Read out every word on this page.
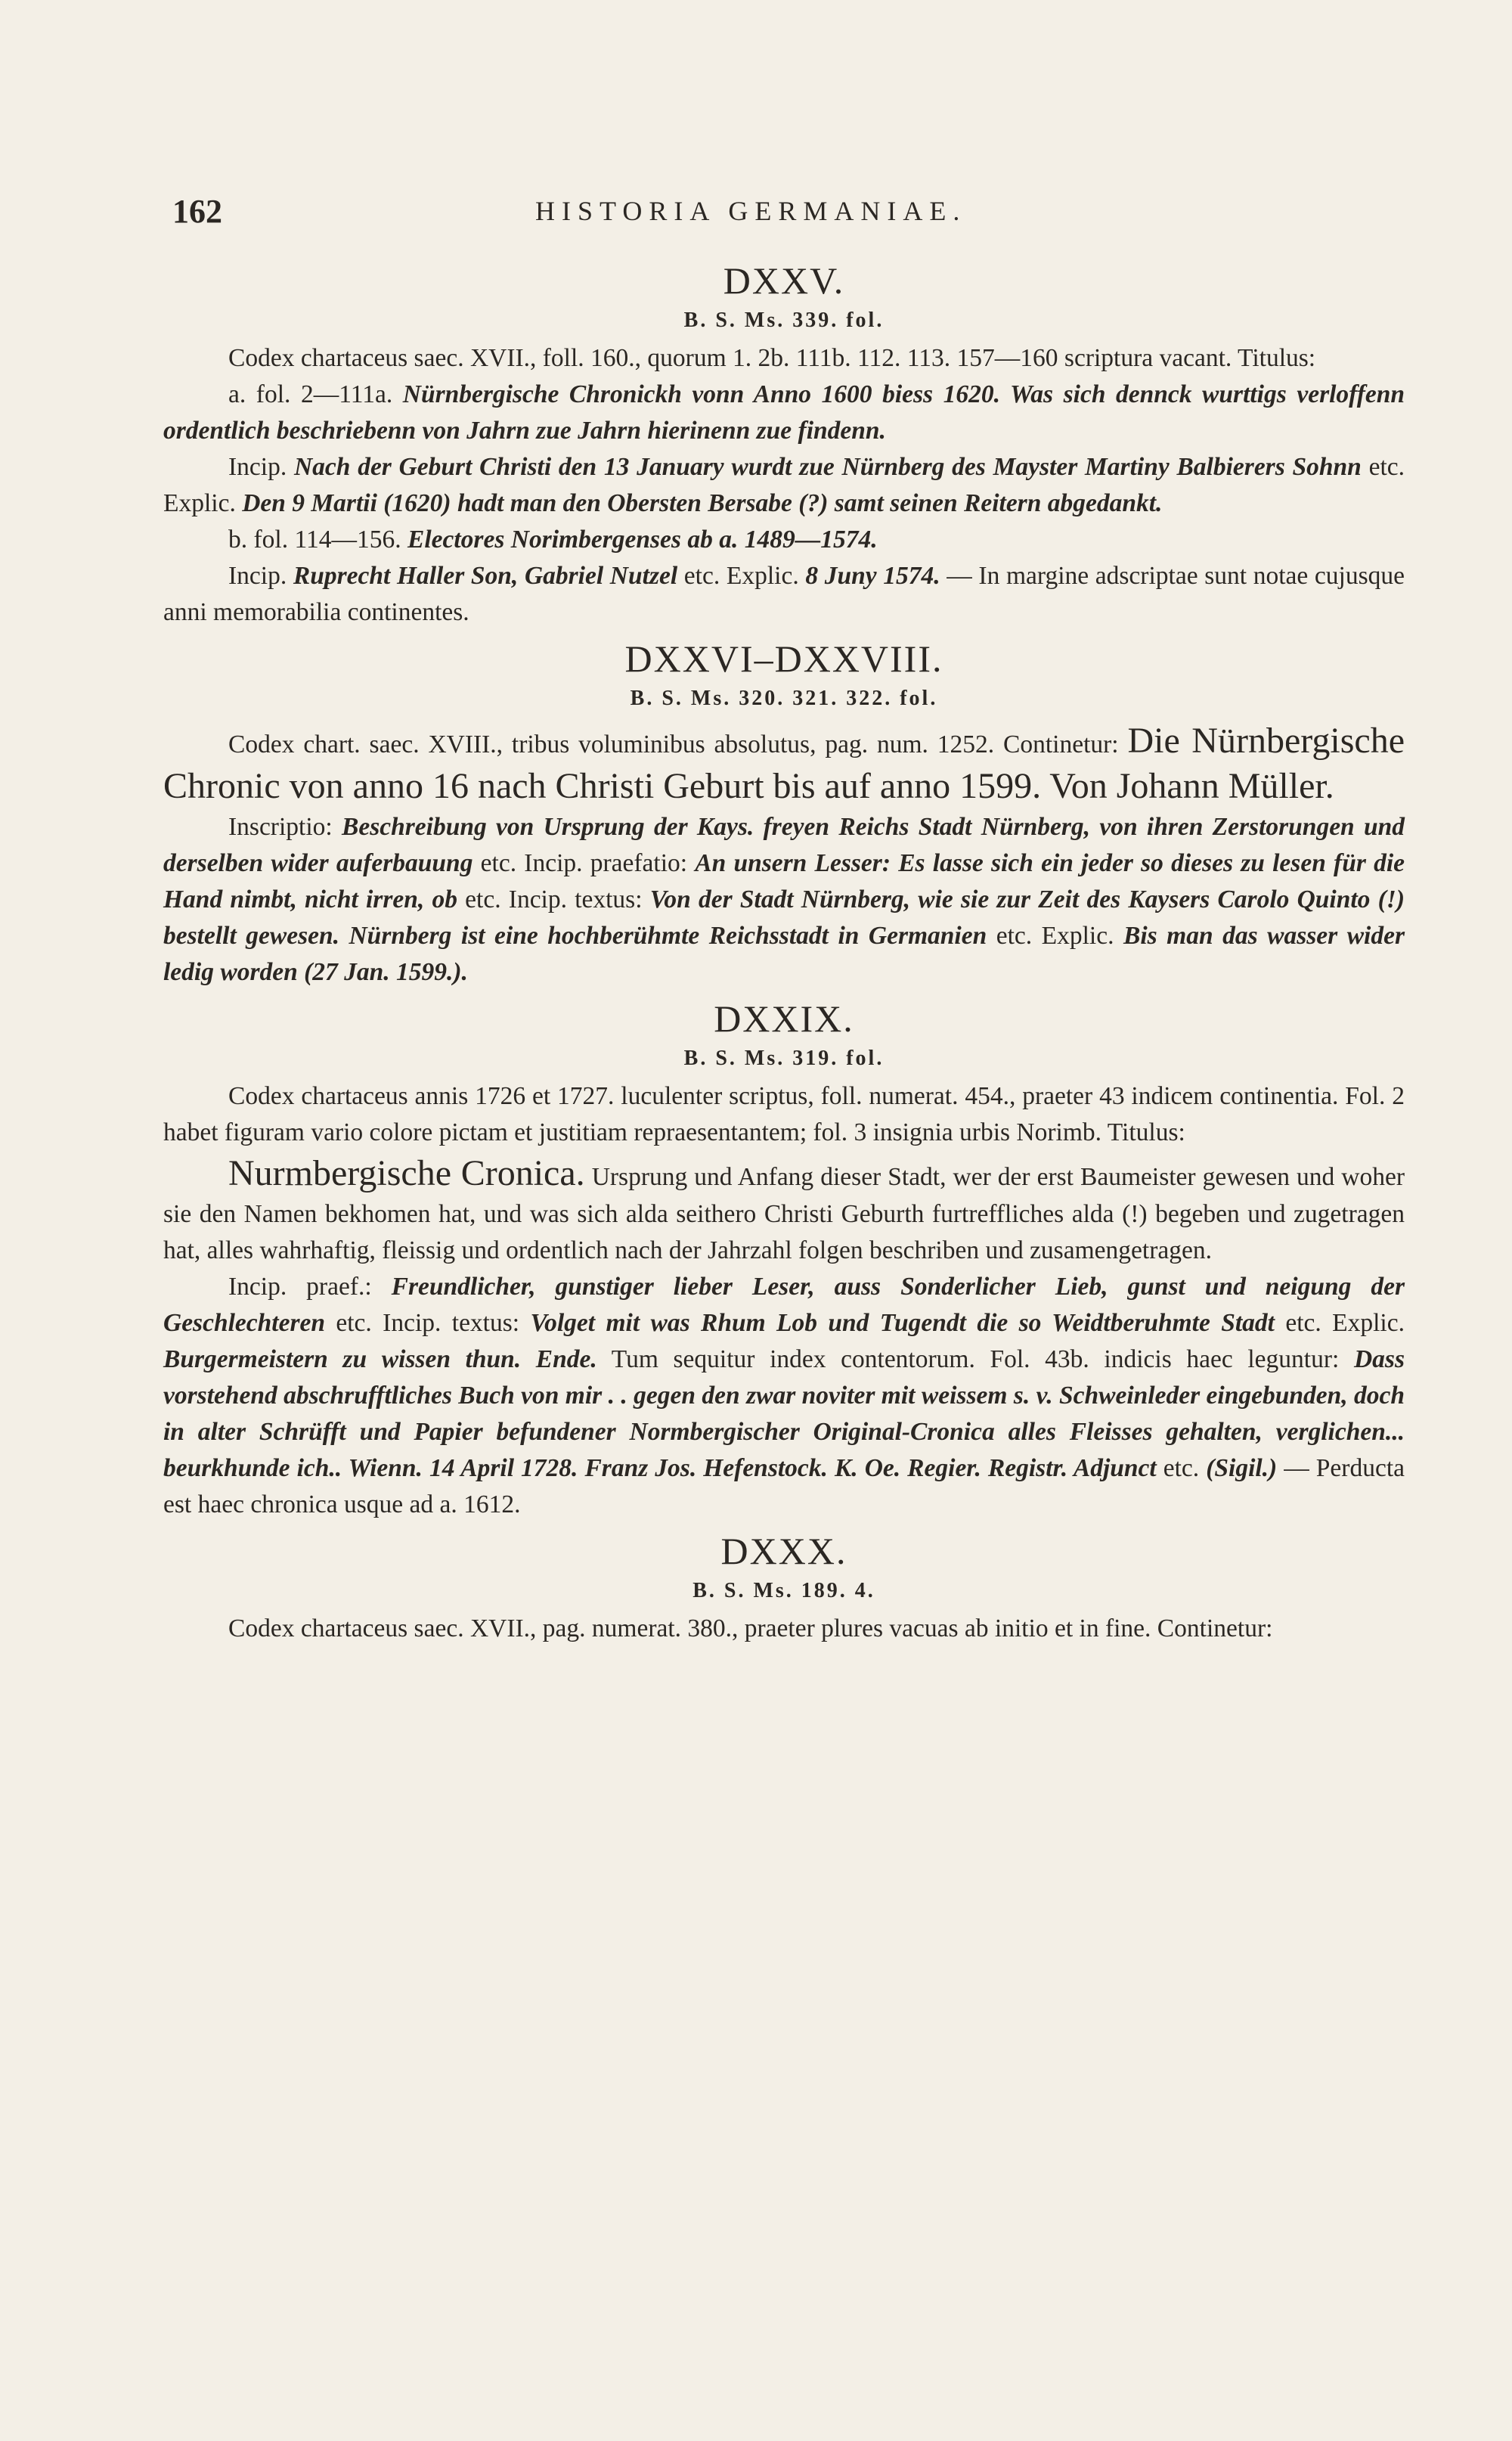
162	HISTORIA GERMANIAE.
DXXV.
B. S. Ms. 339. fol.

Codex chartaceus saec. XVII., foll. 160., quorum 1. 2b. 111b. 112. 113. 157—160 scriptura vacant. Titulus:

a. fol. 2—111a. Nürnbergische Chronickh vonn Anno 1600 biess 1620. Was sich dennck wurttigs verloffenn ordentlich beschriebenn von Jahrn zue Jahrn hierinenn zue findenn.

Incip. Nach der Geburt Christi den 13 January wurdt zue Nürnberg des Mayster Martiny Balbierers Sohnn etc. Explic. Den 9 Martii (1620) hadt man den Obersten Bersabe (?) samt seinen Reitern abgedankt.

b. fol. 114—156. Electores Norimbergenses ab a. 1489—1574.

Incip. Ruprecht Haller Son, Gabriel Nutzel etc. Explic. 8 Juny 1574. — In margine adscriptae sunt notae cujusque anni memorabilia continentes.

DXXVI–DXXVIII.
B. S. Ms. 320. 321. 322. fol.

Codex chart. saec. XVIII., tribus voluminibus absolutus, pag. num. 1252. Continetur: Die Nürnbergische Chronic von anno 16 nach Christi Geburt bis auf anno 1599. Von Johann Müller.

Inscriptio: Beschreibung von Ursprung der Kays. freyen Reichs Stadt Nürnberg, von ihren Zerstorungen und derselben wider auferbauung etc. Incip. praefatio: An unsern Lesser: Es lasse sich ein jeder so dieses zu lesen für die Hand nimbt, nicht irren, ob etc. Incip. textus: Von der Stadt Nürnberg, wie sie zur Zeit des Kaysers Carolo Quinto (!) bestellt gewesen. Nürnberg ist eine hochberühmte Reichsstadt in Germanien etc. Explic. Bis man das wasser wider ledig worden (27 Jan. 1599.).

DXXIX.
B. S. Ms. 319. fol.

Codex chartaceus annis 1726 et 1727. luculenter scriptus, foll. numerat. 454., praeter 43 indicem continentia. Fol. 2 habet figuram vario colore pictam et justitiam repraesentantem; fol. 3 insignia urbis Norimb. Titulus:

Nurmbergische Cronica. Ursprung und Anfang dieser Stadt, wer der erst Baumeister gewesen und woher sie den Namen bekhomen hat, und was sich alda seithero Christi Geburth furtreffliches alda (!) begeben und zugetragen hat, alles wahrhaftig, fleissig und ordentlich nach der Jahrzahl folgen beschriben und zusamengetragen.

Incip. praef.: Freundlicher, gunstiger lieber Leser, auss Sonderlicher Lieb, gunst und neigung der Geschlechteren etc. Incip. textus: Volget mit was Rhum Lob und Tugendt die so Weidtberuhmte Stadt etc. Explic. Burgermeistern zu wissen thun. Ende. Tum sequitur index contentorum. Fol. 43b. indicis haec leguntur: Dass vorstehend abschrufftliches Buch von mir . . gegen den zwar noviter mit weissem s. v. Schweinleder eingebunden, doch in alter Schrüfft und Papier befundener Normbergischer Original-Cronica alles Fleisses gehalten, verglichen... beurkhunde ich.. Wienn. 14 April 1728. Franz Jos. Hefenstock. K. Oe. Regier. Registr. Adjunct etc. (Sigil.) — Perducta est haec chronica usque ad a. 1612.

DXXX.
B. S. Ms. 189. 4.

Codex chartaceus saec. XVII., pag. numerat. 380., praeter plures vacuas ab initio et in fine. Continetur:
